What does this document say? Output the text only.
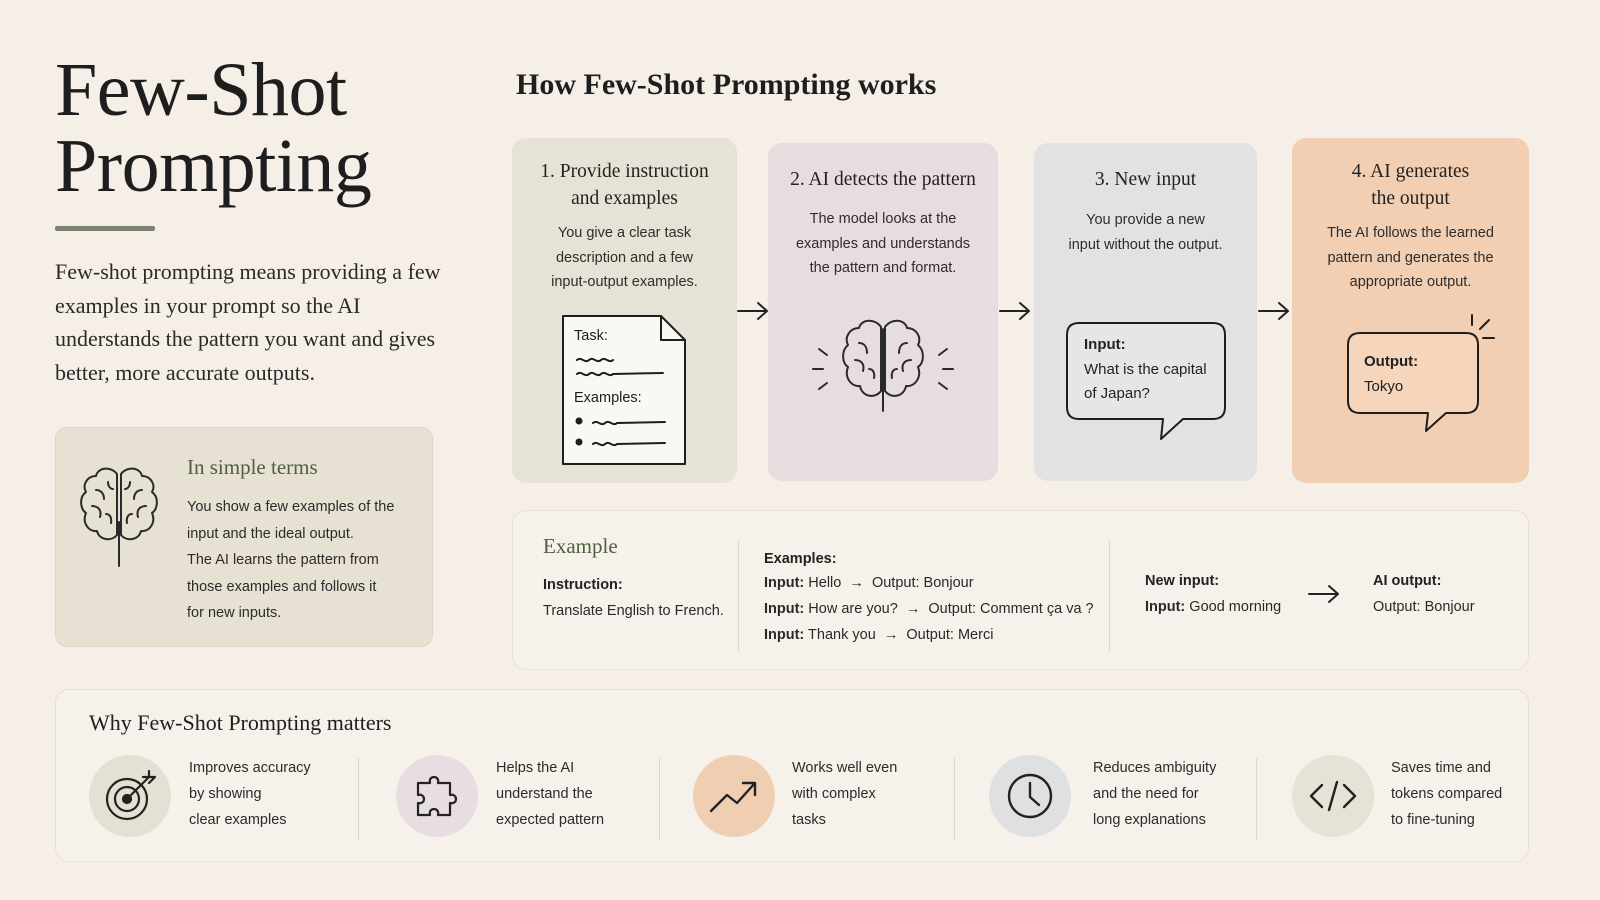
Few-Shot
Prompting

Few-shot prompting means providing a few examples in your prompt so the AI understands the pattern you want and gives better, more accurate outputs.

In simple terms
You show a few examples of the
input and the ideal output.
The AI learns the pattern from
those examples and follows it
for new inputs.
How Few-Shot Prompting works
1. Provide instruction
and examples
You give a clear task
description and a few
input-output examples.
Task:
Examples:
2. AI detects the pattern
The model looks at the
examples and understands
the pattern and format.
3. New input
You provide a new
input without the output.
Input:
What is the capital
of Japan?
4. AI generates
the output
The AI follows the learned
pattern and generates the
appropriate output.
Output:
Tokyo
Example
Instruction:
Translate English to French.
Examples:
Input: Hello → Output: Bonjour
Input: How are you? → Output: Comment ça va ?
Input: Thank you → Output: Merci
New input:
Input: Good morning
AI output:
Output: Bonjour
Why Few-Shot Prompting matters
Improves accuracy
by showing
clear examples
Helps the AI
understand the
expected pattern
Works well even
with complex
tasks
Reduces ambiguity
and the need for
long explanations
Saves time and
tokens compared
to fine-tuning
